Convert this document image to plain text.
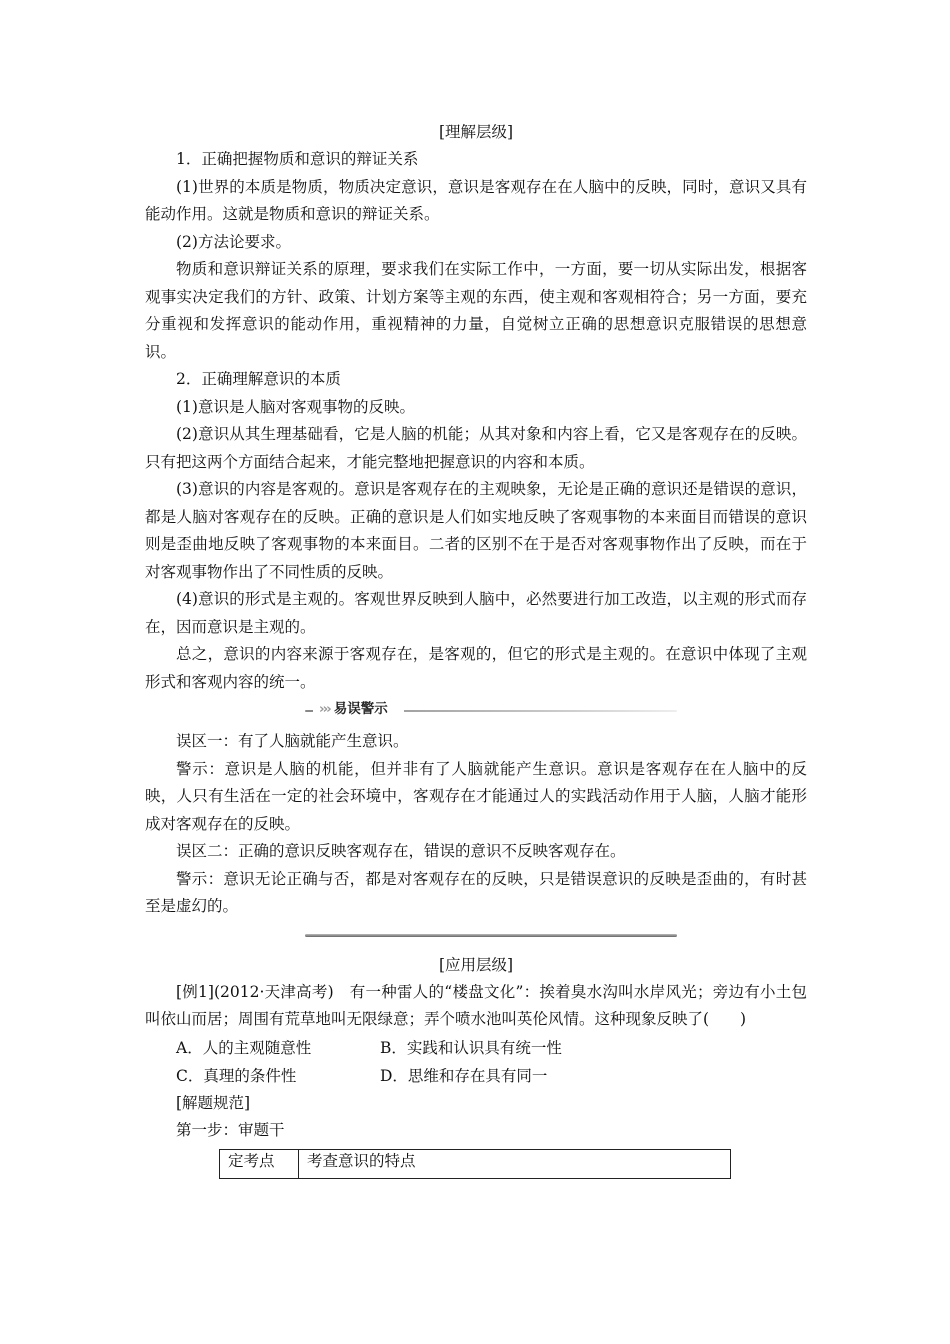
[理解层级]

1．正确把握物质和意识的辩证关系

(1)世界的本质是物质，物质决定意识，意识是客观存在在人脑中的反映，同时，意识又具有能动作用。这就是物质和意识的辩证关系。

(2)方法论要求。

物质和意识辩证关系的原理，要求我们在实际工作中，一方面，要一切从实际出发，根据客观事实决定我们的方针、政策、计划方案等主观的东西，使主观和客观相符合；另一方面，要充分重视和发挥意识的能动作用，重视精神的力量，自觉树立正确的思想意识克服错误的思想意识。

2．正确理解意识的本质

(1)意识是人脑对客观事物的反映。

(2)意识从其生理基础看，它是人脑的机能；从其对象和内容上看，它又是客观存在的反映。只有把这两个方面结合起来，才能完整地把握意识的内容和本质。

(3)意识的内容是客观的。意识是客观存在的主观映象，无论是正确的意识还是错误的意识，都是人脑对客观存在的反映。正确的意识是人们如实地反映了客观事物的本来面目而错误的意识则是歪曲地反映了客观事物的本来面目。二者的区别不在于是否对客观事物作出了反映，而在于对客观事物作出了不同性质的反映。

(4)意识的形式是主观的。客观世界反映到人脑中，必然要进行加工改造，以主观的形式而存在，因而意识是主观的。

总之，意识的内容来源于客观存在，是客观的，但它的形式是主观的。在意识中体现了主观形式和客观内容的统一。

››› 易误警示

误区一：有了人脑就能产生意识。

警示：意识是人脑的机能，但并非有了人脑就能产生意识。意识是客观存在在人脑中的反映，人只有生活在一定的社会环境中，客观存在才能通过人的实践活动作用于人脑，人脑才能形成对客观存在的反映。

误区二：正确的意识反映客观存在，错误的意识不反映客观存在。

警示：意识无论正确与否，都是对客观存在的反映，只是错误意识的反映是歪曲的，有时甚至是虚幻的。

[应用层级]

[例1](2012·天津高考)　有一种雷人的“楼盘文化”：挨着臭水沟叫水岸风光；旁边有小土包叫依山而居；周围有荒草地叫无限绿意；弄个喷水池叫英伦风情。这种现象反映了(　　)

A．人的主观随意性	B．实践和认识具有统一性
C．真理的条件性	D．思维和存在具有同一

[解题规范]

第一步：审题干

定考点	考查意识的特点
